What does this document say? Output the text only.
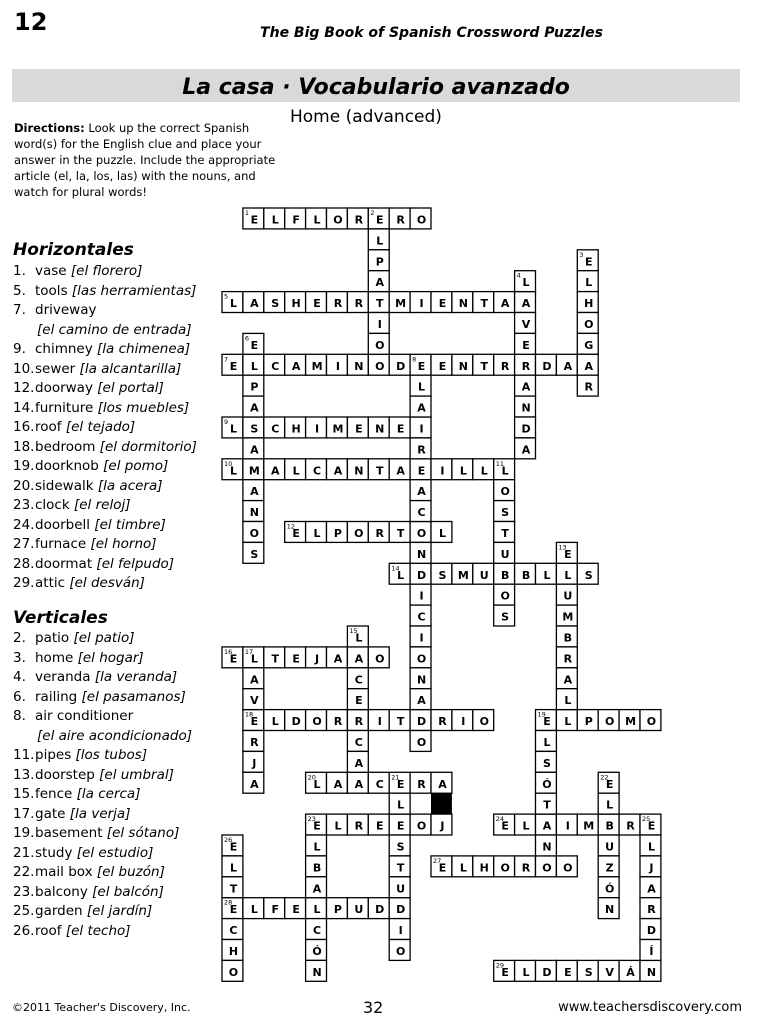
12	The Big Book of Spanish Crossword Puzzles
La casa · Vocabulario avanzado
Home (advanced)
Directions: Look up the correct Spanish word(s) for the English clue and place your answer in the puzzle. Include the appropriate article (el, la, los, las) with the nouns, and watch for plural words!
Horizontales
1. vase [el florero]
5. tools [las herramientas]
7. driveway
[el camino de entrada]
9. chimney [la chimenea]
10.sewer [la alcantarilla]
12.doorway [el portal]
14.furniture [los muebles]
16.roof [el tejado]
18.bedroom [el dormitorio]
19.doorknob [el pomo]
20.sidewalk [la acera]
23.clock [el reloj]
24.doorbell [el timbre]
27.furnace [el horno]
28.doormat [el felpudo]
29.attic [el desván]
Verticales
2. patio [el patio]
3. home [el hogar]
4. veranda [la veranda]
6. railing [el pasamanos]
8. air conditioner
[el aire acondicionado]
11.pipes [los tubos]
13.doorstep [el umbral]
15.fence [la cerca]
17.gate [la verja]
19.basement [el sótano]
21.study [el estudio]
22.mail box [el buzón]
23.balcony [el balcón]
25.garden [el jardín]
26.roof [el techo]
E
1
L F L O R E
2
R O
L
5
A S H E R R T M I E N T A A
E
7
L C A M I N O D E
8
E N T R R D A
L
9
S C H I M E N E I
L
10
M A L C A N T A E I L L L
11
E
12
L P O R T O L
L
14
D S M U B B L L S
E
16
L
17
T E J A A O
E
18
L D O R R I T D R I O	E
19
L P O M O
L
20
A A C E
21
R A
E
23
L R E E O J	E
24
L A I M B R E
25
E
27
L H O R O O
E
28
L F E L P U D D
E
29
L D E S V Á N
L
P
A
I
O
E
3
L
H
O
G
A
R
L
4
V
E
A
N
D
A
E
6
P
A
A
A
N
O
S
L
A
R
A
C
N
I
C
I
O
N
A
O
O
S
T
U
O
S
E
13
U
M
B
R
A
L
L
15
C
E
C
A
A
V
R
J
A
L
S
Ó
T
N
L
S
T
U
I
O
E
22
L
U
Z
Ó
N
L
B
A
C
Ó
N
L
J
A
R
D
Í
E
26
L
T
C
H
O
©2011 Teacher's Discovery, Inc.	32	www.teachersdiscovery.com
